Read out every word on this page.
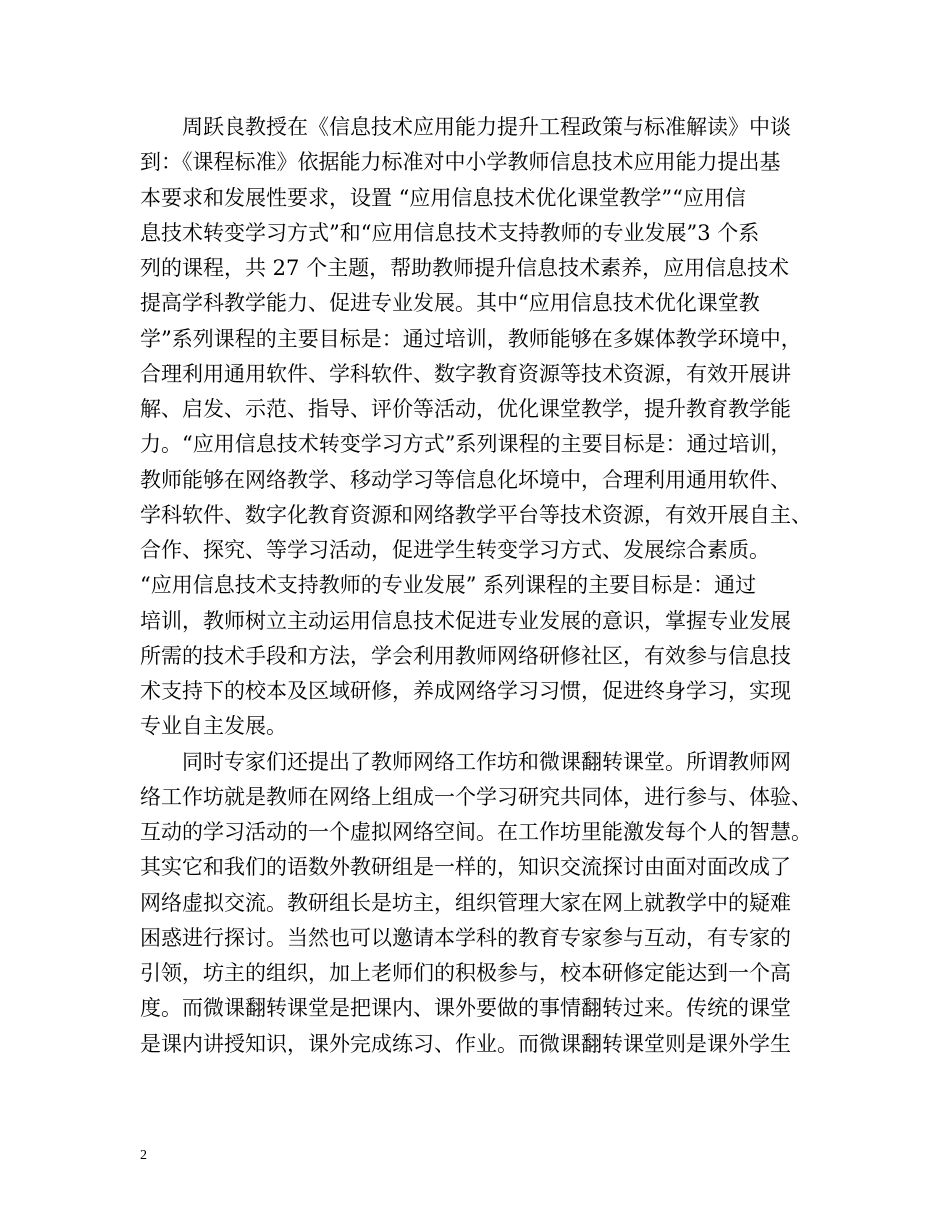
周跃良教授在《信息技术应用能力提升工程政策与标准解读》中谈
到：《课程标准》依据能力标准对中小学教师信息技术应用能力提出基
本要求和发展性要求，设置 “应用信息技术优化课堂教学”“应用信
息技术转变学习方式”和“应用信息技术支持教师的专业发展”3 个系
列的课程，共 27 个主题，帮助教师提升信息技术素养，应用信息技术
提高学科教学能力、促进专业发展。其中“应用信息技术优化课堂教
学”系列课程的主要目标是：通过培训，教师能够在多媒体教学环境中，
合理利用通用软件、学科软件、数字教育资源等技术资源，有效开展讲
解、启发、示范、指导、评价等活动，优化课堂教学，提升教育教学能
力。“应用信息技术转变学习方式”系列课程的主要目标是：通过培训，
教师能够在网络教学、移动学习等信息化坏境中，合理利用通用软件、
学科软件、数字化教育资源和网络教学平台等技术资源，有效开展自主、
合作、探究、等学习活动，促进学生转变学习方式、发展综合素质。
“应用信息技术支持教师的专业发展” 系列课程的主要目标是：通过
培训，教师树立主动运用信息技术促进专业发展的意识，掌握专业发展
所需的技术手段和方法，学会利用教师网络研修社区，有效参与信息技
术支持下的校本及区域研修，养成网络学习习惯，促进终身学习，实现
专业自主发展。
同时专家们还提出了教师网络工作坊和微课翻转课堂。所谓教师网
络工作坊就是教师在网络上组成一个学习研究共同体，进行参与、体验、
互动的学习活动的一个虚拟网络空间。在工作坊里能激发每个人的智慧。
其实它和我们的语数外教研组是一样的，知识交流探讨由面对面改成了
网络虚拟交流。教研组长是坊主，组织管理大家在网上就教学中的疑难
困惑进行探讨。当然也可以邀请本学科的教育专家参与互动，有专家的
引领，坊主的组织，加上老师们的积极参与，校本研修定能达到一个高
度。而微课翻转课堂是把课内、课外要做的事情翻转过来。传统的课堂
是课内讲授知识，课外完成练习、作业。而微课翻转课堂则是课外学生
2
